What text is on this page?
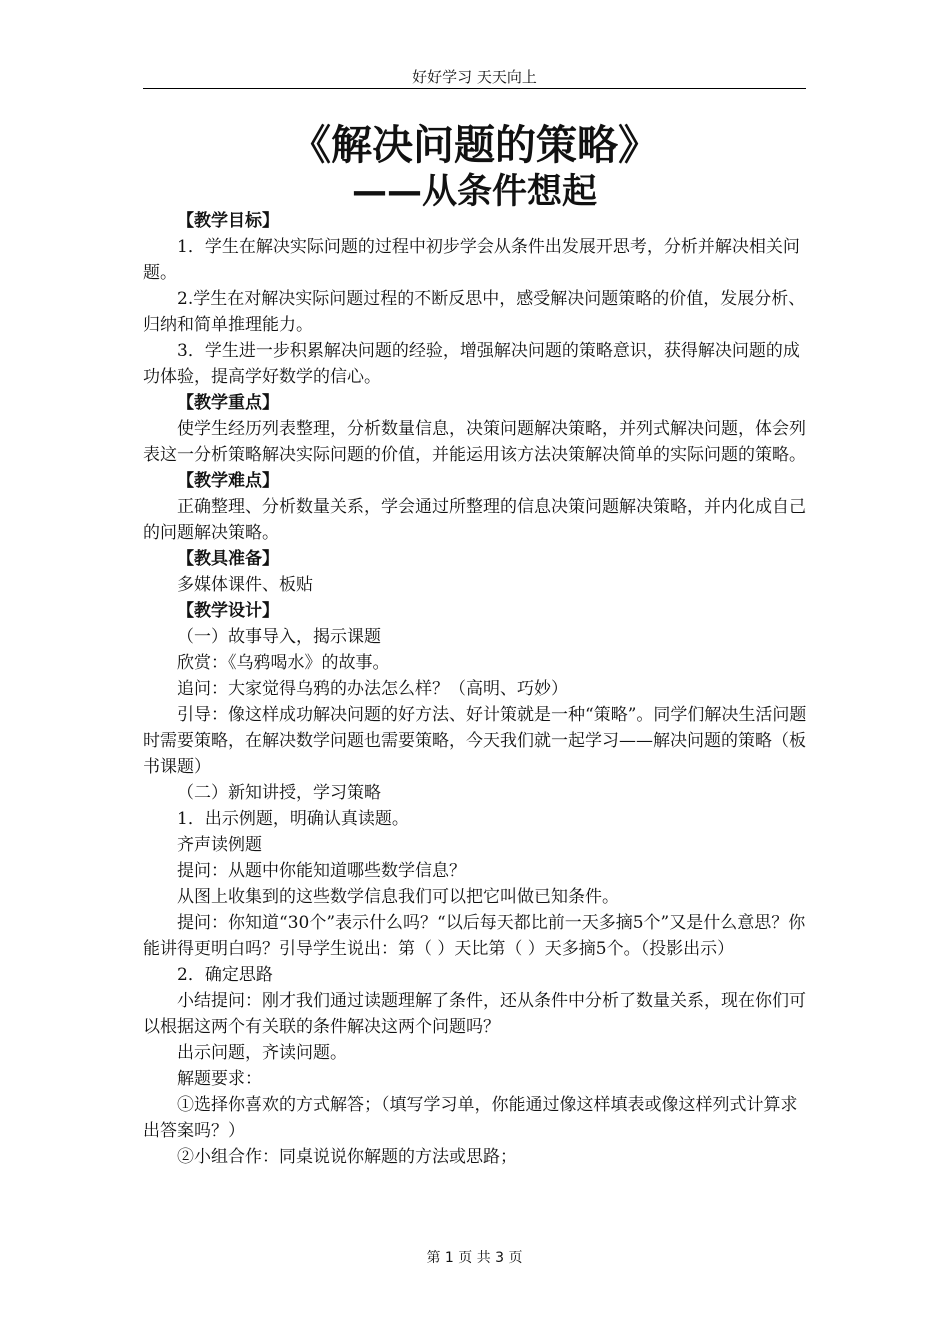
好好学习 天天向上
《解决问题的策略》
——从条件想起

【教学目标】

1．学生在解决实际问题的过程中初步学会从条件出发展开思考，分析并解决相关问题。

2.学生在对解决实际问题过程的不断反思中，感受解决问题策略的价值，发展分析、归纳和简单推理能力。

3．学生进一步积累解决问题的经验，增强解决问题的策略意识，获得解决问题的成功体验，提高学好数学的信心。

【教学重点】

使学生经历列表整理，分析数量信息，决策问题解决策略，并列式解决问题，体会列表这一分析策略解决实际问题的价值，并能运用该方法决策解决简单的实际问题的策略。

【教学难点】

正确整理、分析数量关系，学会通过所整理的信息决策问题解决策略，并内化成自己的问题解决策略。

【教具准备】

多媒体课件、板贴

【教学设计】

（一）故事导入，揭示课题

欣赏：《乌鸦喝水》的故事。

追问：大家觉得乌鸦的办法怎么样？（高明、巧妙）

引导：像这样成功解决问题的好方法、好计策就是一种“策略”。同学们解决生活问题时需要策略，在解决数学问题也需要策略，今天我们就一起学习——解决问题的策略（板书课题）

（二）新知讲授，学习策略

1．出示例题，明确认真读题。

齐声读例题

提问：从题中你能知道哪些数学信息？

从图上收集到的这些数学信息我们可以把它叫做已知条件。

提问：你知道“30个”表示什么吗？“以后每天都比前一天多摘5个”又是什么意思？你能讲得更明白吗？引导学生说出：第（ ）天比第（ ）天多摘5个。（投影出示）

2．确定思路

小结提问：刚才我们通过读题理解了条件，还从条件中分析了数量关系，现在你们可以根据这两个有关联的条件解决这两个问题吗？

出示问题，齐读问题。

解题要求：

①选择你喜欢的方式解答；（填写学习单，你能通过像这样填表或像这样列式计算求出答案吗？）

②小组合作：同桌说说你解题的方法或思路；

第 1 页 共 3 页
